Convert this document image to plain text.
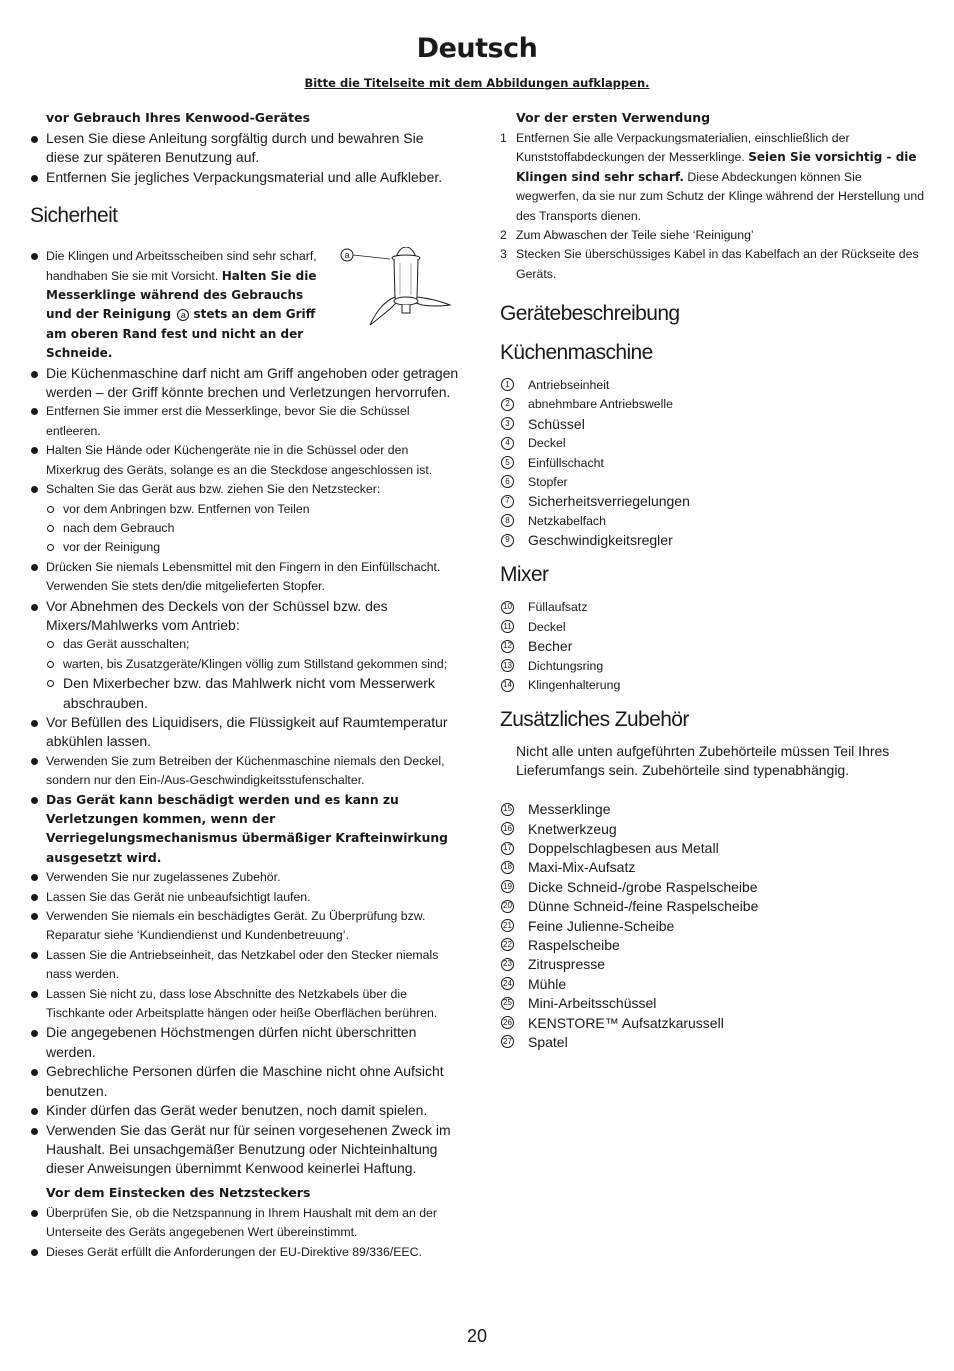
Deutsch
Bitte die Titelseite mit dem Abbildungen aufklappen.
vor Gebrauch Ihres Kenwood-Gerätes
Lesen Sie diese Anleitung sorgfältig durch und bewahren Sie diese zur späteren Benutzung auf.
Entfernen Sie jegliches Verpackungsmaterial und alle Aufkleber.
Sicherheit
Die Klingen und Arbeitsscheiben sind sehr scharf, handhaben Sie sie mit Vorsicht. Halten Sie die Messerklinge während des Gebrauchs und der Reinigung a stets an dem Griff am oberen Rand fest und nicht an der Schneide.
a
Die Küchenmaschine darf nicht am Griff angehoben oder getragen werden – der Griff könnte brechen und Verletzungen hervorrufen.
Entfernen Sie immer erst die Messerklinge, bevor Sie die Schüssel entleeren.
Halten Sie Hände oder Küchengeräte nie in die Schüssel oder den Mixerkrug des Geräts, solange es an die Steckdose angeschlossen ist.
Schalten Sie das Gerät aus bzw. ziehen Sie den Netzstecker:
vor dem Anbringen bzw. Entfernen von Teilen
nach dem Gebrauch
vor der Reinigung
Drücken Sie niemals Lebensmittel mit den Fingern in den Einfüllschacht. Verwenden Sie stets den/die mitgelieferten Stopfer.
Vor Abnehmen des Deckels von der Schüssel bzw. des Mixers/Mahlwerks vom Antrieb:
das Gerät ausschalten;
warten, bis Zusatzgeräte/Klingen völlig zum Stillstand gekommen sind;
Den Mixerbecher bzw. das Mahlwerk nicht vom Messerwerk abschrauben.
Vor Befüllen des Liquidisers, die Flüssigkeit auf Raumtemperatur abkühlen lassen.
Verwenden Sie zum Betreiben der Küchenmaschine niemals den Deckel, sondern nur den Ein-/Aus-Geschwindigkeitsstufenschalter.
Das Gerät kann beschädigt werden und es kann zu Verletzungen kommen, wenn der Verriegelungsmechanismus übermäßiger Krafteinwirkung ausgesetzt wird.
Verwenden Sie nur zugelassenes Zubehör.
Lassen Sie das Gerät nie unbeaufsichtigt laufen.
Verwenden Sie niemals ein beschädigtes Gerät. Zu Überprüfung bzw. Reparatur siehe ‘Kundiendienst und Kundenbetreuung’.
Lassen Sie die Antriebseinheit, das Netzkabel oder den Stecker niemals nass werden.
Lassen Sie nicht zu, dass lose Abschnitte des Netzkabels über die Tischkante oder Arbeitsplatte hängen oder heiße Oberflächen berühren.
Die angegebenen Höchstmengen dürfen nicht überschritten werden.
Gebrechliche Personen dürfen die Maschine nicht ohne Aufsicht benutzen.
Kinder dürfen das Gerät weder benutzen, noch damit spielen.
Verwenden Sie das Gerät nur für seinen vorgesehenen Zweck im Haushalt. Bei unsachgemäßer Benutzung oder Nichteinhaltung dieser Anweisungen übernimmt Kenwood keinerlei Haftung.
Vor dem Einstecken des Netzsteckers
Überprüfen Sie, ob die Netzspannung in Ihrem Haushalt mit dem an der Unterseite des Geräts angegebenen Wert übereinstimmt.
Dieses Gerät erfüllt die Anforderungen der EU-Direktive 89/336/EEC.
Vor der ersten Verwendung
1 Entfernen Sie alle Verpackungsmaterialien, einschließlich der Kunststoffabdeckungen der Messerklinge. Seien Sie vorsichtig - die Klingen sind sehr scharf. Diese Abdeckungen können Sie wegwerfen, da sie nur zum Schutz der Klinge während der Herstellung und des Transports dienen.
2 Zum Abwaschen der Teile siehe ‘Reinigung’
3 Stecken Sie überschüssiges Kabel in das Kabelfach an der Rückseite des Geräts.
Gerätebeschreibung
Küchenmaschine
1	Antriebseinheit
2	abnehmbare Antriebswelle
3	Schüssel
4	Deckel
5	Einfüllschacht
6	Stopfer
7	Sicherheitsverriegelungen
8	Netzkabelfach
9	Geschwindigkeitsregler
Mixer
10 Füllaufsatz
11 Deckel
12 Becher
13 Dichtungsring
14 Klingenhalterung
Zusätzliches Zubehör
Nicht alle unten aufgeführten Zubehörteile müssen Teil Ihres Lieferumfangs sein. Zubehörteile sind typenabhängig.
15 Messerklinge
16 Knetwerkzeug
17 Doppelschlagbesen aus Metall
18 Maxi-Mix-Aufsatz
19 Dicke Schneid-/grobe Raspelscheibe
20 Dünne Schneid-/feine Raspelscheibe
21 Feine Julienne-Scheibe
22 Raspelscheibe
23 Zitruspresse
24 Mühle
25 Mini-Arbeitsschüssel
26 KENSTORE™ Aufsatzkarussell
27 Spatel
20
